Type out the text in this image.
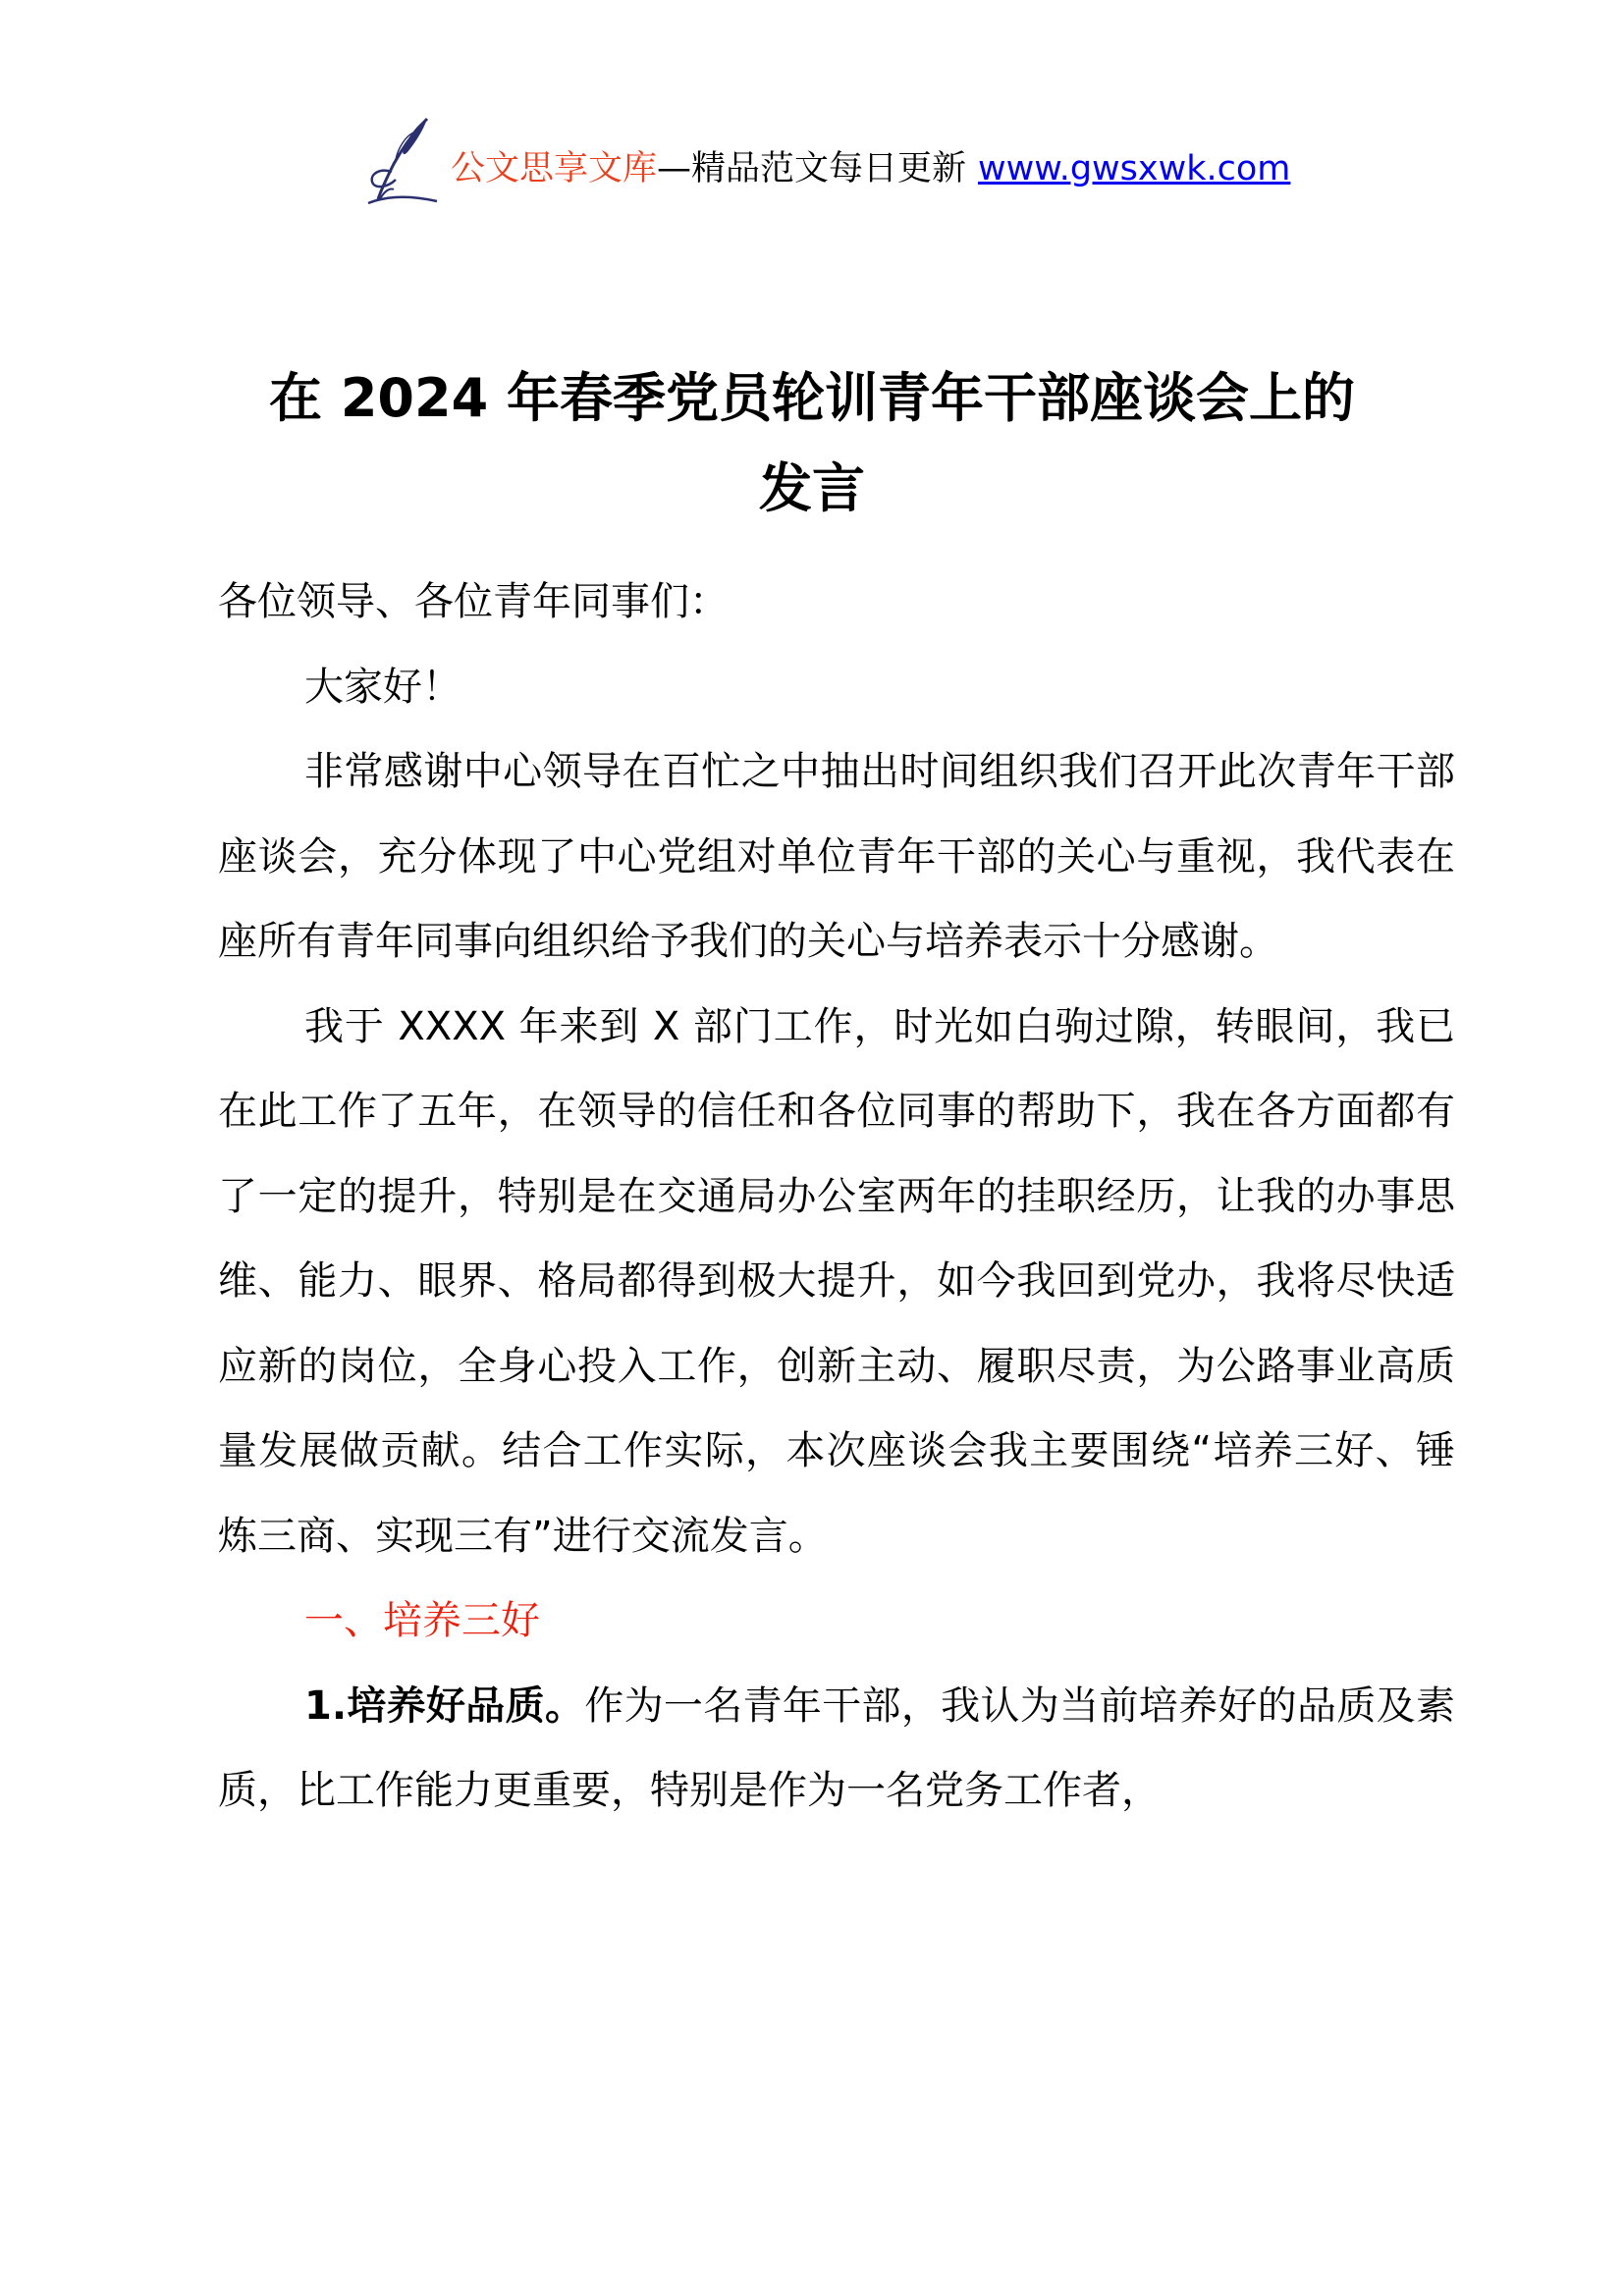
公文思享文库—精品范文每日更新 www.gwsxwk.com
在 2024 年春季党员轮训青年干部座谈会上的
发言

各位领导、各位青年同事们：

大家好！

非常感谢中心领导在百忙之中抽出时间组织我们召开此次青年干部座谈会，充分体现了中心党组对单位青年干部的关心与重视，我代表在座所有青年同事向组织给予我们的关心与培养表示十分感谢。

我于 XXXX 年来到 X 部门工作，时光如白驹过隙，转眼间，我已在此工作了五年，在领导的信任和各位同事的帮助下，我在各方面都有了一定的提升，特别是在交通局办公室两年的挂职经历，让我的办事思维、能力、眼界、格局都得到极大提升，如今我回到党办，我将尽快适应新的岗位，全身心投入工作，创新主动、履职尽责，为公路事业高质量发展做贡献。结合工作实际，本次座谈会我主要围绕“培养三好、锤炼三商、实现三有”进行交流发言。

一、培养三好

1.培养好品质。作为一名青年干部，我认为当前培养好的品质及素质，比工作能力更重要，特别是作为一名党务工作者，
